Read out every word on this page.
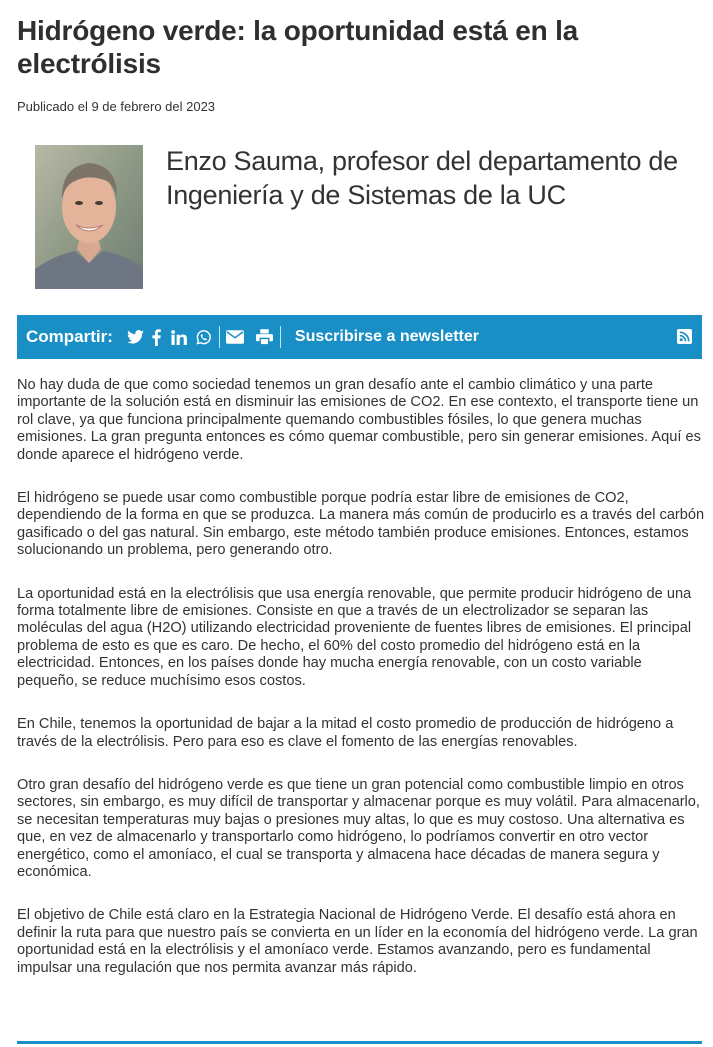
Hidrógeno verde: la oportunidad está en la electrólisis

Publicado el 9 de febrero del 2023

Enzo Sauma, profesor del departamento de Ingeniería y de Sistemas de la UC
Compartir:	Suscribirse a newsletter

No hay duda de que como sociedad tenemos un gran desafío ante el cambio climático y una parte importante de la solución está en disminuir las emisiones de CO2. En ese contexto, el transporte tiene un rol clave, ya que funciona principalmente quemando combustibles fósiles, lo que genera muchas emisiones. La gran pregunta entonces es cómo quemar combustible, pero sin generar emisiones. Aquí es donde aparece el hidrógeno verde.

El hidrógeno se puede usar como combustible porque podría estar libre de emisiones de CO2, dependiendo de la forma en que se produzca. La manera más común de producirlo es a través del carbón gasificado o del gas natural. Sin embargo, este método también produce emisiones. Entonces, estamos solucionando un problema, pero generando otro.

La oportunidad está en la electrólisis que usa energía renovable, que permite producir hidrógeno de una forma totalmente libre de emisiones. Consiste en que a través de un electrolizador se separan las moléculas del agua (H2O) utilizando electricidad proveniente de fuentes libres de emisiones. El principal problema de esto es que es caro. De hecho, el 60% del costo promedio del hidrógeno está en la electricidad. Entonces, en los países donde hay mucha energía renovable, con un costo variable pequeño, se reduce muchísimo esos costos.

En Chile, tenemos la oportunidad de bajar a la mitad el costo promedio de producción de hidrógeno a través de la electrólisis. Pero para eso es clave el fomento de las energías renovables.

Otro gran desafío del hidrógeno verde es que tiene un gran potencial como combustible limpio en otros sectores, sin embargo, es muy difícil de transportar y almacenar porque es muy volátil. Para almacenarlo, se necesitan temperaturas muy bajas o presiones muy altas, lo que es muy costoso. Una alternativa es que, en vez de almacenarlo y transportarlo como hidrógeno, lo podríamos convertir en otro vector energético, como el amoníaco, el cual se transporta y almacena hace décadas de manera segura y económica.

El objetivo de Chile está claro en la Estrategia Nacional de Hidrógeno Verde. El desafío está ahora en definir la ruta para que nuestro país se convierta en un líder en la economía del hidrógeno verde. La gran oportunidad está en la electrólisis y el amoníaco verde. Estamos avanzando, pero es fundamental impulsar una regulación que nos permita avanzar más rápido.
